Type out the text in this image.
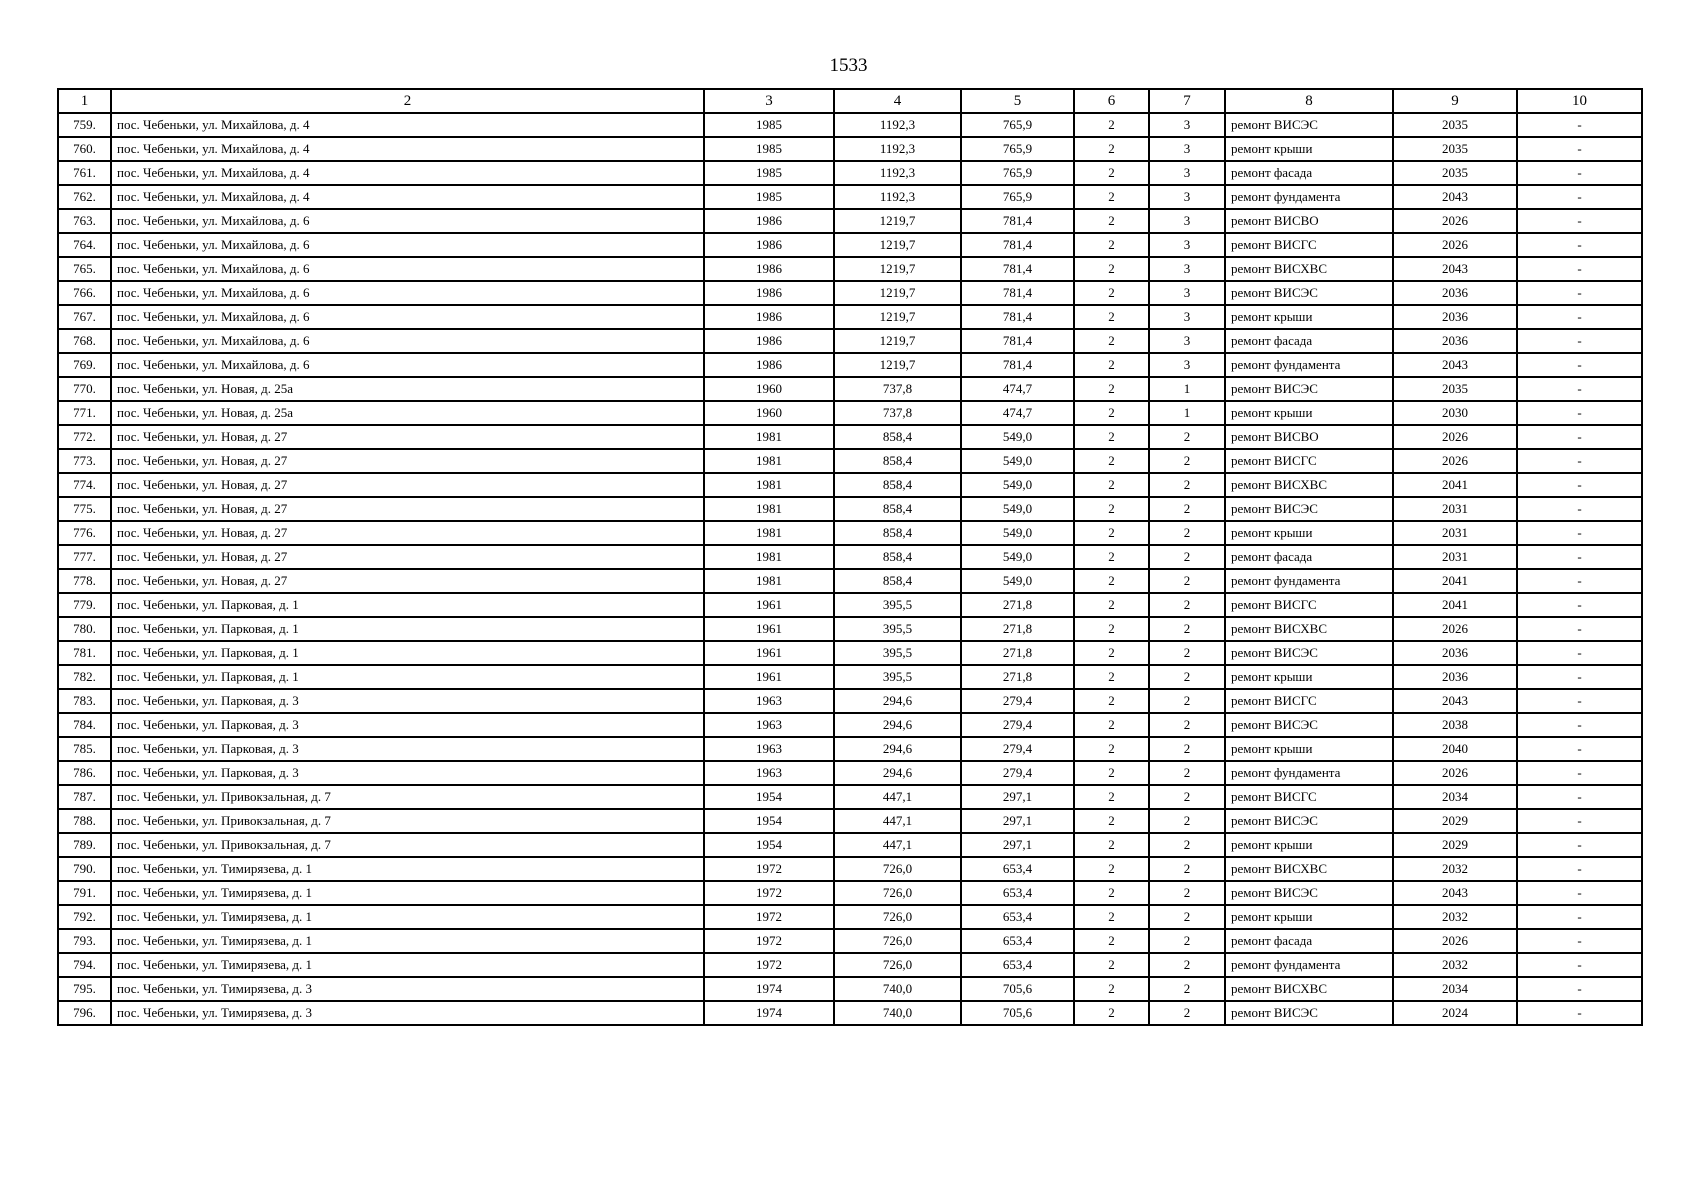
1533
1	2	3	4	5	6	7	8	9	10
759.	пос. Чебеньки, ул. Михайлова, д. 4	1985	1192,3	765,9	2	3	ремонт ВИСЭС	2035	-
760.	пос. Чебеньки, ул. Михайлова, д. 4	1985	1192,3	765,9	2	3	ремонт крыши	2035	-
761.	пос. Чебеньки, ул. Михайлова, д. 4	1985	1192,3	765,9	2	3	ремонт фасада	2035	-
762.	пос. Чебеньки, ул. Михайлова, д. 4	1985	1192,3	765,9	2	3	ремонт фундамента	2043	-
763.	пос. Чебеньки, ул. Михайлова, д. 6	1986	1219,7	781,4	2	3	ремонт ВИСВО	2026	-
764.	пос. Чебеньки, ул. Михайлова, д. 6	1986	1219,7	781,4	2	3	ремонт ВИСГС	2026	-
765.	пос. Чебеньки, ул. Михайлова, д. 6	1986	1219,7	781,4	2	3	ремонт ВИСХВС	2043	-
766.	пос. Чебеньки, ул. Михайлова, д. 6	1986	1219,7	781,4	2	3	ремонт ВИСЭС	2036	-
767.	пос. Чебеньки, ул. Михайлова, д. 6	1986	1219,7	781,4	2	3	ремонт крыши	2036	-
768.	пос. Чебеньки, ул. Михайлова, д. 6	1986	1219,7	781,4	2	3	ремонт фасада	2036	-
769.	пос. Чебеньки, ул. Михайлова, д. 6	1986	1219,7	781,4	2	3	ремонт фундамента	2043	-
770.	пос. Чебеньки, ул. Новая, д. 25а	1960	737,8	474,7	2	1	ремонт ВИСЭС	2035	-
771.	пос. Чебеньки, ул. Новая, д. 25а	1960	737,8	474,7	2	1	ремонт крыши	2030	-
772.	пос. Чебеньки, ул. Новая, д. 27	1981	858,4	549,0	2	2	ремонт ВИСВО	2026	-
773.	пос. Чебеньки, ул. Новая, д. 27	1981	858,4	549,0	2	2	ремонт ВИСГС	2026	-
774.	пос. Чебеньки, ул. Новая, д. 27	1981	858,4	549,0	2	2	ремонт ВИСХВС	2041	-
775.	пос. Чебеньки, ул. Новая, д. 27	1981	858,4	549,0	2	2	ремонт ВИСЭС	2031	-
776.	пос. Чебеньки, ул. Новая, д. 27	1981	858,4	549,0	2	2	ремонт крыши	2031	-
777.	пос. Чебеньки, ул. Новая, д. 27	1981	858,4	549,0	2	2	ремонт фасада	2031	-
778.	пос. Чебеньки, ул. Новая, д. 27	1981	858,4	549,0	2	2	ремонт фундамента	2041	-
779.	пос. Чебеньки, ул. Парковая, д. 1	1961	395,5	271,8	2	2	ремонт ВИСГС	2041	-
780.	пос. Чебеньки, ул. Парковая, д. 1	1961	395,5	271,8	2	2	ремонт ВИСХВС	2026	-
781.	пос. Чебеньки, ул. Парковая, д. 1	1961	395,5	271,8	2	2	ремонт ВИСЭС	2036	-
782.	пос. Чебеньки, ул. Парковая, д. 1	1961	395,5	271,8	2	2	ремонт крыши	2036	-
783.	пос. Чебеньки, ул. Парковая, д. 3	1963	294,6	279,4	2	2	ремонт ВИСГС	2043	-
784.	пос. Чебеньки, ул. Парковая, д. 3	1963	294,6	279,4	2	2	ремонт ВИСЭС	2038	-
785.	пос. Чебеньки, ул. Парковая, д. 3	1963	294,6	279,4	2	2	ремонт крыши	2040	-
786.	пос. Чебеньки, ул. Парковая, д. 3	1963	294,6	279,4	2	2	ремонт фундамента	2026	-
787.	пос. Чебеньки, ул. Привокзальная, д. 7	1954	447,1	297,1	2	2	ремонт ВИСГС	2034	-
788.	пос. Чебеньки, ул. Привокзальная, д. 7	1954	447,1	297,1	2	2	ремонт ВИСЭС	2029	-
789.	пос. Чебеньки, ул. Привокзальная, д. 7	1954	447,1	297,1	2	2	ремонт крыши	2029	-
790.	пос. Чебеньки, ул. Тимирязева, д. 1	1972	726,0	653,4	2	2	ремонт ВИСХВС	2032	-
791.	пос. Чебеньки, ул. Тимирязева, д. 1	1972	726,0	653,4	2	2	ремонт ВИСЭС	2043	-
792.	пос. Чебеньки, ул. Тимирязева, д. 1	1972	726,0	653,4	2	2	ремонт крыши	2032	-
793.	пос. Чебеньки, ул. Тимирязева, д. 1	1972	726,0	653,4	2	2	ремонт фасада	2026	-
794.	пос. Чебеньки, ул. Тимирязева, д. 1	1972	726,0	653,4	2	2	ремонт фундамента	2032	-
795.	пос. Чебеньки, ул. Тимирязева, д. 3	1974	740,0	705,6	2	2	ремонт ВИСХВС	2034	-
796.	пос. Чебеньки, ул. Тимирязева, д. 3	1974	740,0	705,6	2	2	ремонт ВИСЭС	2024	-
